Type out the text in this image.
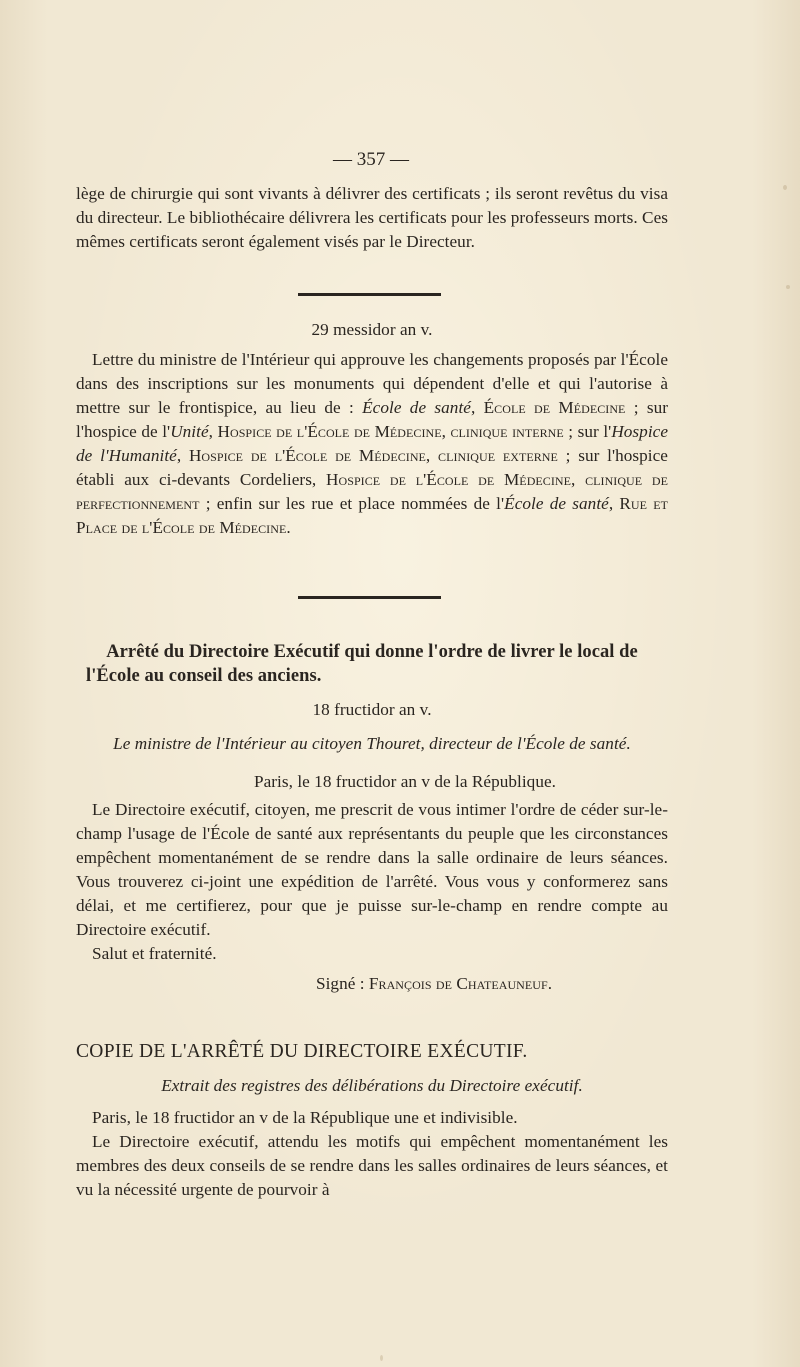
— 357 —

lège de chirurgie qui sont vivants à délivrer des certificats ; ils seront revêtus du visa du directeur. Le bibliothécaire délivrera les certificats pour les professeurs morts. Ces mêmes certificats seront également visés par le Directeur.

29 messidor an v.

Lettre du ministre de l'Intérieur qui approuve les changements proposés par l'École dans des inscriptions sur les monuments qui dépendent d'elle et qui l'autorise à mettre sur le frontispice, au lieu de : École de santé, École de Médecine ; sur l'hospice de l'Unité, Hospice de l'École de Médecine, clinique interne ; sur l'Hospice de l'Humanité, Hospice de l'École de Médecine, clinique externe ; sur l'hospice établi aux ci-devants Cordeliers, Hospice de l'École de Médecine, clinique de perfectionnement ; enfin sur les rue et place nommées de l'École de santé, Rue et Place de l'École de Médecine.

Arrêté du Directoire Exécutif qui donne l'ordre de livrer le local de l'École au conseil des anciens.

18 fructidor an v.

Le ministre de l'Intérieur au citoyen Thouret, directeur de l'École de santé.

Paris, le 18 fructidor an v de la République.

Le Directoire exécutif, citoyen, me prescrit de vous intimer l'ordre de céder sur-le-champ l'usage de l'École de santé aux représentants du peuple que les circonstances empêchent momentanément de se rendre dans la salle ordinaire de leurs séances. Vous trouverez ci-joint une expédition de l'arrêté. Vous vous y conformerez sans délai, et me certifierez, pour que je puisse sur-le-champ en rendre compte au Directoire exécutif.

Salut et fraternité.

Signé : François de Chateauneuf.

COPIE DE L'ARRÊTÉ DU DIRECTOIRE EXÉCUTIF.

Extrait des registres des délibérations du Directoire exécutif.

Paris, le 18 fructidor an v de la République une et indivisible.

Le Directoire exécutif, attendu les motifs qui empêchent momentanément les membres des deux conseils de se rendre dans les salles ordinaires de leurs séances, et vu la nécessité urgente de pourvoir à
